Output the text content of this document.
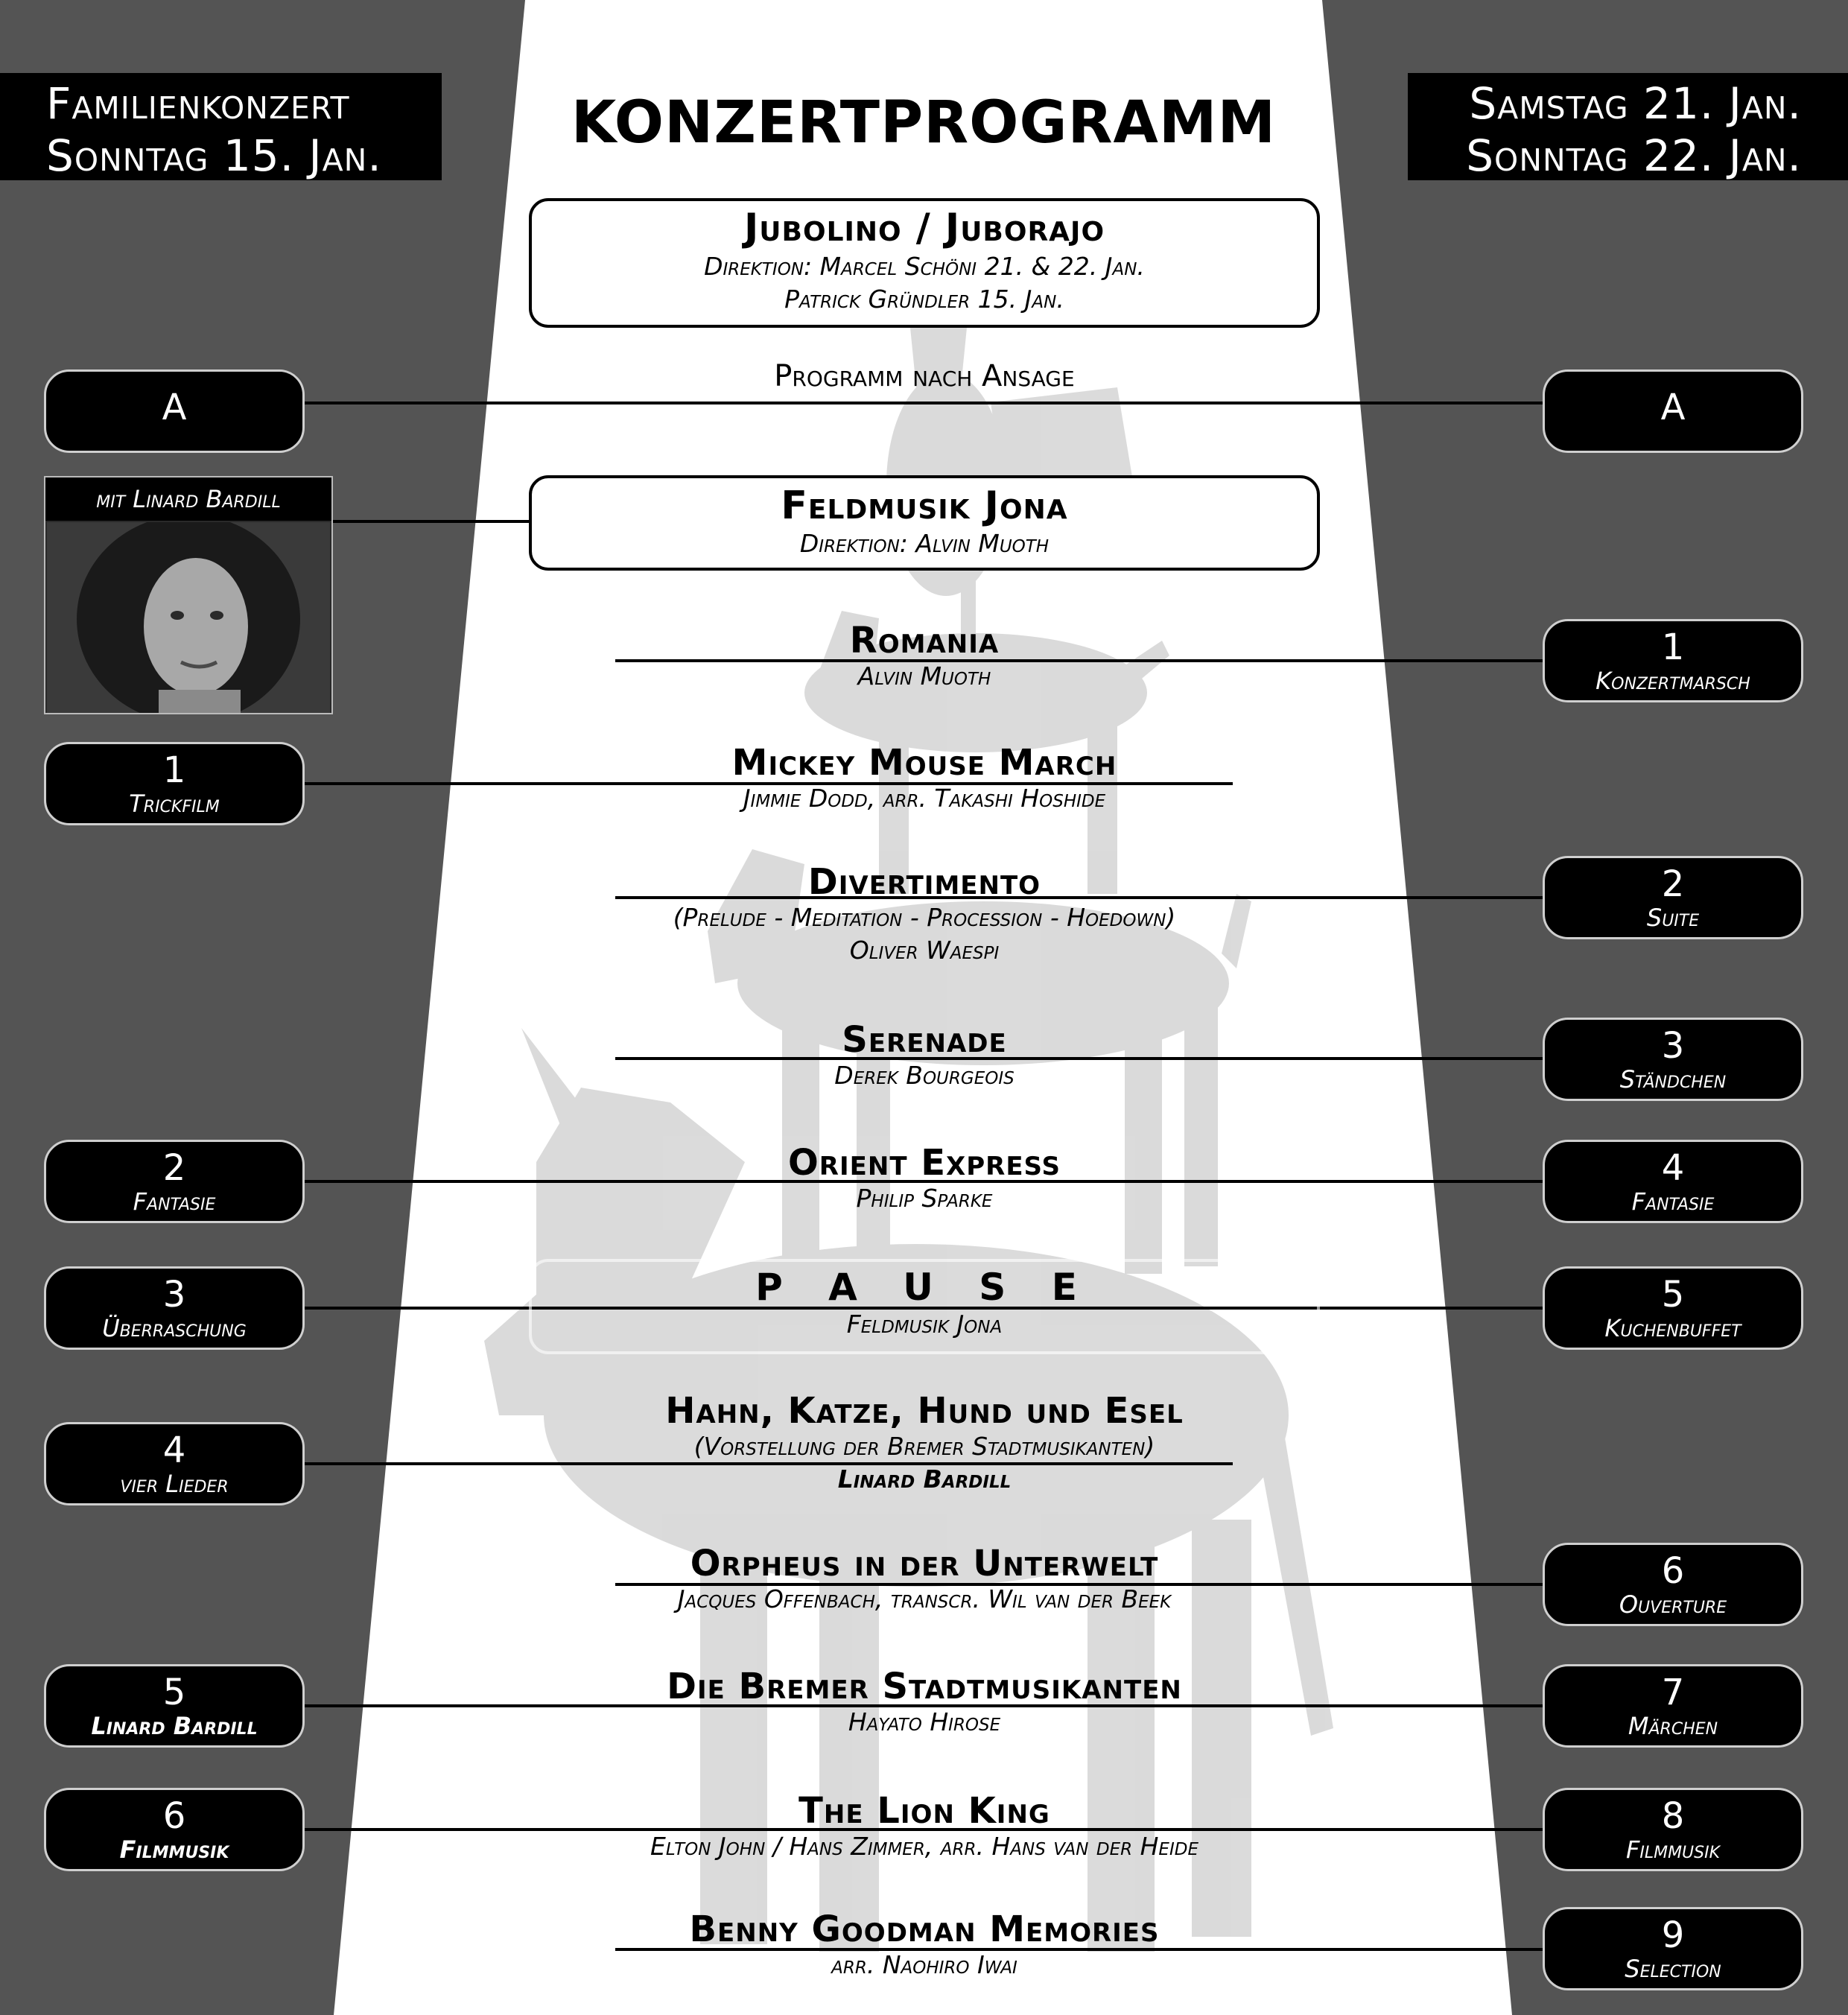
Familienkonzert
Sonntag 15. Jan.
Samstag 21. Jan.
Sonntag 22. Jan.
KONZERTPROGRAMM
Jubolino / Juborajo
Direktion: Marcel Schöni 21. & 22. Jan.
Patrick Gründler 15. Jan.
Programm nach Ansage
Feldmusik Jona
Direktion: Alvin Muoth
mit Linard Bardill
Romania
Alvin Muoth
Mickey Mouse March
Jimmie Dodd, arr. Takashi Hoshide
Divertimento
(Prelude - Meditation - Procession - Hoedown)
Oliver Waespi
Serenade
Derek Bourgeois
Orient Express
Philip Sparke
P A U S E
Feldmusik Jona
Hahn, Katze, Hund und Esel
(Vorstellung der Bremer Stadtmusikanten)
Linard Bardill
Orpheus in der Unterwelt
Jacques Offenbach, transcr. Wil van der Beek
Die Bremer Stadtmusikanten
Hayato Hirose
The Lion King
Elton John / Hans Zimmer, arr. Hans van der Heide
Benny Goodman Memories
arr. Naohiro Iwai
A
1
Trickfilm
2
Fantasie
3
Überraschung
4
vier Lieder
5
Linard Bardill
6
Filmmusik
A
1
Konzertmarsch
2
Suite
3
Ständchen
4
Fantasie
5
Kuchenbuffet
6
Ouverture
7
Märchen
8
Filmmusik
9
Selection
